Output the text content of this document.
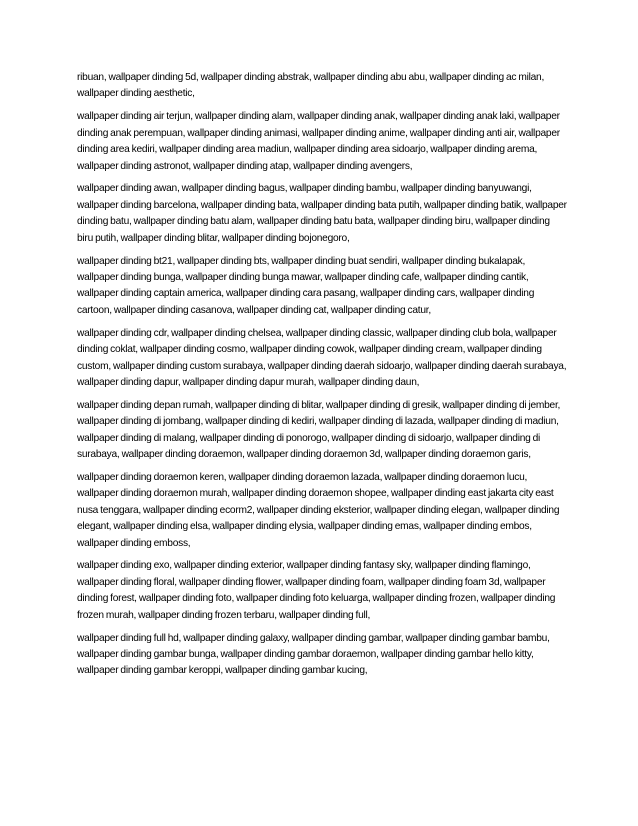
ribuan, wallpaper dinding 5d, wallpaper dinding abstrak, wallpaper dinding abu abu, wallpaper dinding ac milan, wallpaper dinding aesthetic,

wallpaper dinding air terjun, wallpaper dinding alam, wallpaper dinding anak, wallpaper dinding anak laki, wallpaper dinding anak perempuan, wallpaper dinding animasi, wallpaper dinding anime, wallpaper dinding anti air, wallpaper dinding area kediri, wallpaper dinding area madiun, wallpaper dinding area sidoarjo, wallpaper dinding arema, wallpaper dinding astronot, wallpaper dinding atap, wallpaper dinding avengers,

wallpaper dinding awan, wallpaper dinding bagus, wallpaper dinding bambu, wallpaper dinding banyuwangi, wallpaper dinding barcelona, wallpaper dinding bata, wallpaper dinding bata putih, wallpaper dinding batik, wallpaper dinding batu, wallpaper dinding batu alam, wallpaper dinding batu bata, wallpaper dinding biru, wallpaper dinding biru putih, wallpaper dinding blitar, wallpaper dinding bojonegoro,

wallpaper dinding bt21, wallpaper dinding bts, wallpaper dinding buat sendiri, wallpaper dinding bukalapak, wallpaper dinding bunga, wallpaper dinding bunga mawar, wallpaper dinding cafe, wallpaper dinding cantik, wallpaper dinding captain america, wallpaper dinding cara pasang, wallpaper dinding cars, wallpaper dinding cartoon, wallpaper dinding casanova, wallpaper dinding cat, wallpaper dinding catur,

wallpaper dinding cdr, wallpaper dinding chelsea, wallpaper dinding classic, wallpaper dinding club bola, wallpaper dinding coklat, wallpaper dinding cosmo, wallpaper dinding cowok, wallpaper dinding cream, wallpaper dinding custom, wallpaper dinding custom surabaya, wallpaper dinding daerah sidoarjo, wallpaper dinding daerah surabaya, wallpaper dinding dapur, wallpaper dinding dapur murah, wallpaper dinding daun,

wallpaper dinding depan rumah, wallpaper dinding di blitar, wallpaper dinding di gresik, wallpaper dinding di jember, wallpaper dinding di jombang, wallpaper dinding di kediri, wallpaper dinding di lazada, wallpaper dinding di madiun, wallpaper dinding di malang, wallpaper dinding di ponorogo, wallpaper dinding di sidoarjo, wallpaper dinding di surabaya, wallpaper dinding doraemon, wallpaper dinding doraemon 3d, wallpaper dinding doraemon garis,

wallpaper dinding doraemon keren, wallpaper dinding doraemon lazada, wallpaper dinding doraemon lucu, wallpaper dinding doraemon murah, wallpaper dinding doraemon shopee, wallpaper dinding east jakarta city east nusa tenggara, wallpaper dinding ecorm2, wallpaper dinding eksterior, wallpaper dinding elegan, wallpaper dinding elegant, wallpaper dinding elsa, wallpaper dinding elysia, wallpaper dinding emas, wallpaper dinding embos, wallpaper dinding emboss,

wallpaper dinding exo, wallpaper dinding exterior, wallpaper dinding fantasy sky, wallpaper dinding flamingo, wallpaper dinding floral, wallpaper dinding flower, wallpaper dinding foam, wallpaper dinding foam 3d, wallpaper dinding forest, wallpaper dinding foto, wallpaper dinding foto keluarga, wallpaper dinding frozen, wallpaper dinding frozen murah, wallpaper dinding frozen terbaru, wallpaper dinding full,

wallpaper dinding full hd, wallpaper dinding galaxy, wallpaper dinding gambar, wallpaper dinding gambar bambu, wallpaper dinding gambar bunga, wallpaper dinding gambar doraemon, wallpaper dinding gambar hello kitty, wallpaper dinding gambar keroppi, wallpaper dinding gambar kucing,
